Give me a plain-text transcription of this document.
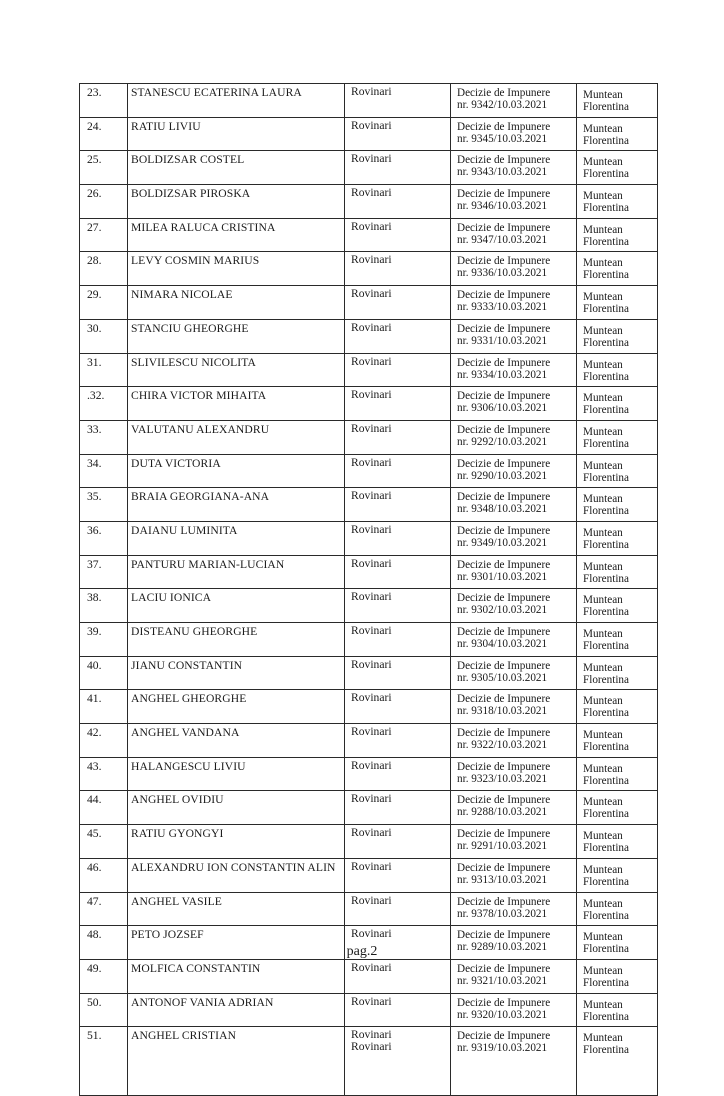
23.	STANESCU ECATERINA LAURA	Rovinari	Decizie de Impunere
nr. 9342/10.03.2021	Muntean
Florentina

24.	RATIU LIVIU	Rovinari	Decizie de Impunere
nr. 9345/10.03.2021	Muntean
Florentina

25.	BOLDIZSAR COSTEL	Rovinari	Decizie de Impunere
nr. 9343/10.03.2021	Muntean
Florentina

26.	BOLDIZSAR PIROSKA	Rovinari	Decizie de Impunere
nr. 9346/10.03.2021	Muntean
Florentina

27.	MILEA RALUCA CRISTINA	Rovinari	Decizie de Impunere
nr. 9347/10.03.2021	Muntean
Florentina

28.	LEVY COSMIN MARIUS	Rovinari	Decizie de Impunere
nr. 9336/10.03.2021	Muntean
Florentina

29.	NIMARA NICOLAE	Rovinari	Decizie de Impunere
nr. 9333/10.03.2021	Muntean
Florentina

30.	STANCIU GHEORGHE	Rovinari	Decizie de Impunere
nr. 9331/10.03.2021	Muntean
Florentina

31.	SLIVILESCU NICOLITA	Rovinari	Decizie de Impunere
nr. 9334/10.03.2021	Muntean
Florentina

.32.	CHIRA VICTOR MIHAITA	Rovinari	Decizie de Impunere
nr. 9306/10.03.2021	Muntean
Florentina

33.	VALUTANU ALEXANDRU	Rovinari	Decizie de Impunere
nr. 9292/10.03.2021	Muntean
Florentina

34.	DUTA VICTORIA	Rovinari	Decizie de Impunere
nr. 9290/10.03.2021	Muntean
Florentina

35.	BRAIA GEORGIANA-ANA	Rovinari	Decizie de Impunere
nr. 9348/10.03.2021	Muntean
Florentina

36.	DAIANU LUMINITA	Rovinari	Decizie de Impunere
nr. 9349/10.03.2021	Muntean
Florentina

37.	PANTURU MARIAN-LUCIAN	Rovinari	Decizie de Impunere
nr. 9301/10.03.2021	Muntean
Florentina

38.	LACIU IONICA	Rovinari	Decizie de Impunere
nr. 9302/10.03.2021	Muntean
Florentina

39.	DISTEANU GHEORGHE	Rovinari	Decizie de Impunere
nr. 9304/10.03.2021	Muntean
Florentina

40.	JIANU CONSTANTIN	Rovinari	Decizie de Impunere
nr. 9305/10.03.2021	Muntean
Florentina

41.	ANGHEL GHEORGHE	Rovinari	Decizie de Impunere
nr. 9318/10.03.2021	Muntean
Florentina

42.	ANGHEL VANDANA	Rovinari	Decizie de Impunere
nr. 9322/10.03.2021	Muntean
Florentina

43.	HALANGESCU LIVIU	Rovinari	Decizie de Impunere
nr. 9323/10.03.2021	Muntean
Florentina

44.	ANGHEL OVIDIU	Rovinari	Decizie de Impunere
nr. 9288/10.03.2021	Muntean
Florentina

45.	RATIU GYONGYI	Rovinari	Decizie de Impunere
nr. 9291/10.03.2021	Muntean
Florentina

46.	ALEXANDRU ION CONSTANTIN ALIN	Rovinari	Decizie de Impunere
nr. 9313/10.03.2021	Muntean
Florentina

47.	ANGHEL VASILE	Rovinari	Decizie de Impunere
nr. 9378/10.03.2021	Muntean
Florentina

48.	PETO JOZSEF	Rovinari	Decizie de Impunere
nr. 9289/10.03.2021	Muntean
Florentina

49.	MOLFICA CONSTANTIN	Rovinari	Decizie de Impunere
nr. 9321/10.03.2021	Muntean
Florentina

50.	ANTONOF VANIA ADRIAN	Rovinari	Decizie de Impunere
nr. 9320/10.03.2021	Muntean
Florentina

51.	ANGHEL CRISTIAN	Rovinari
Rovinari	Decizie de Impunere
nr. 9319/10.03.2021	Muntean
Florentina
pag.2
